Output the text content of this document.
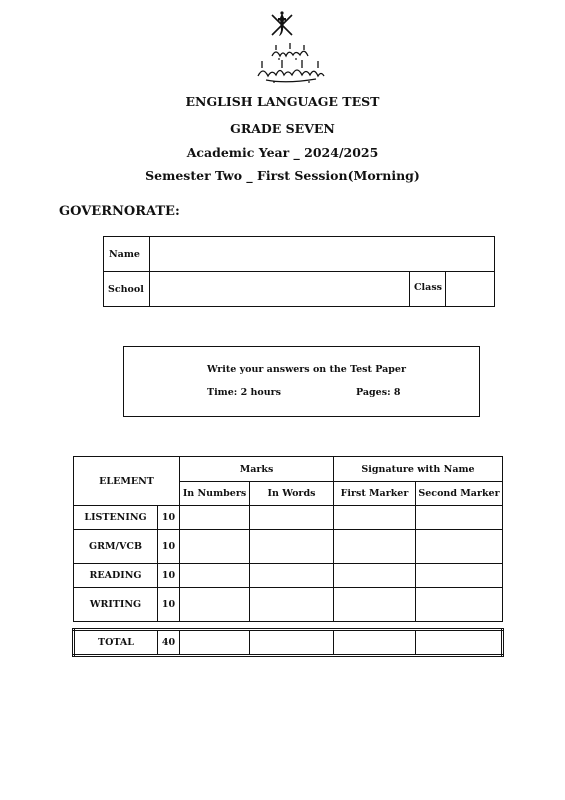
ENGLISH LANGUAGE TEST
GRADE SEVEN
Academic Year _ 2024/2025
Semester Two _ First Session(Morning)
GOVERNORATE:
Name
School	Class
Write your answers on the Test Paper
Time: 2 hours	Pages: 8
ELEMENT		Marks		Signature with Name	
		In Numbers	In Words	First Marker	Second Marker
LISTENING	10				
GRM/VCB	10				
READING	10				
WRITING	10				

TOTAL	40				
